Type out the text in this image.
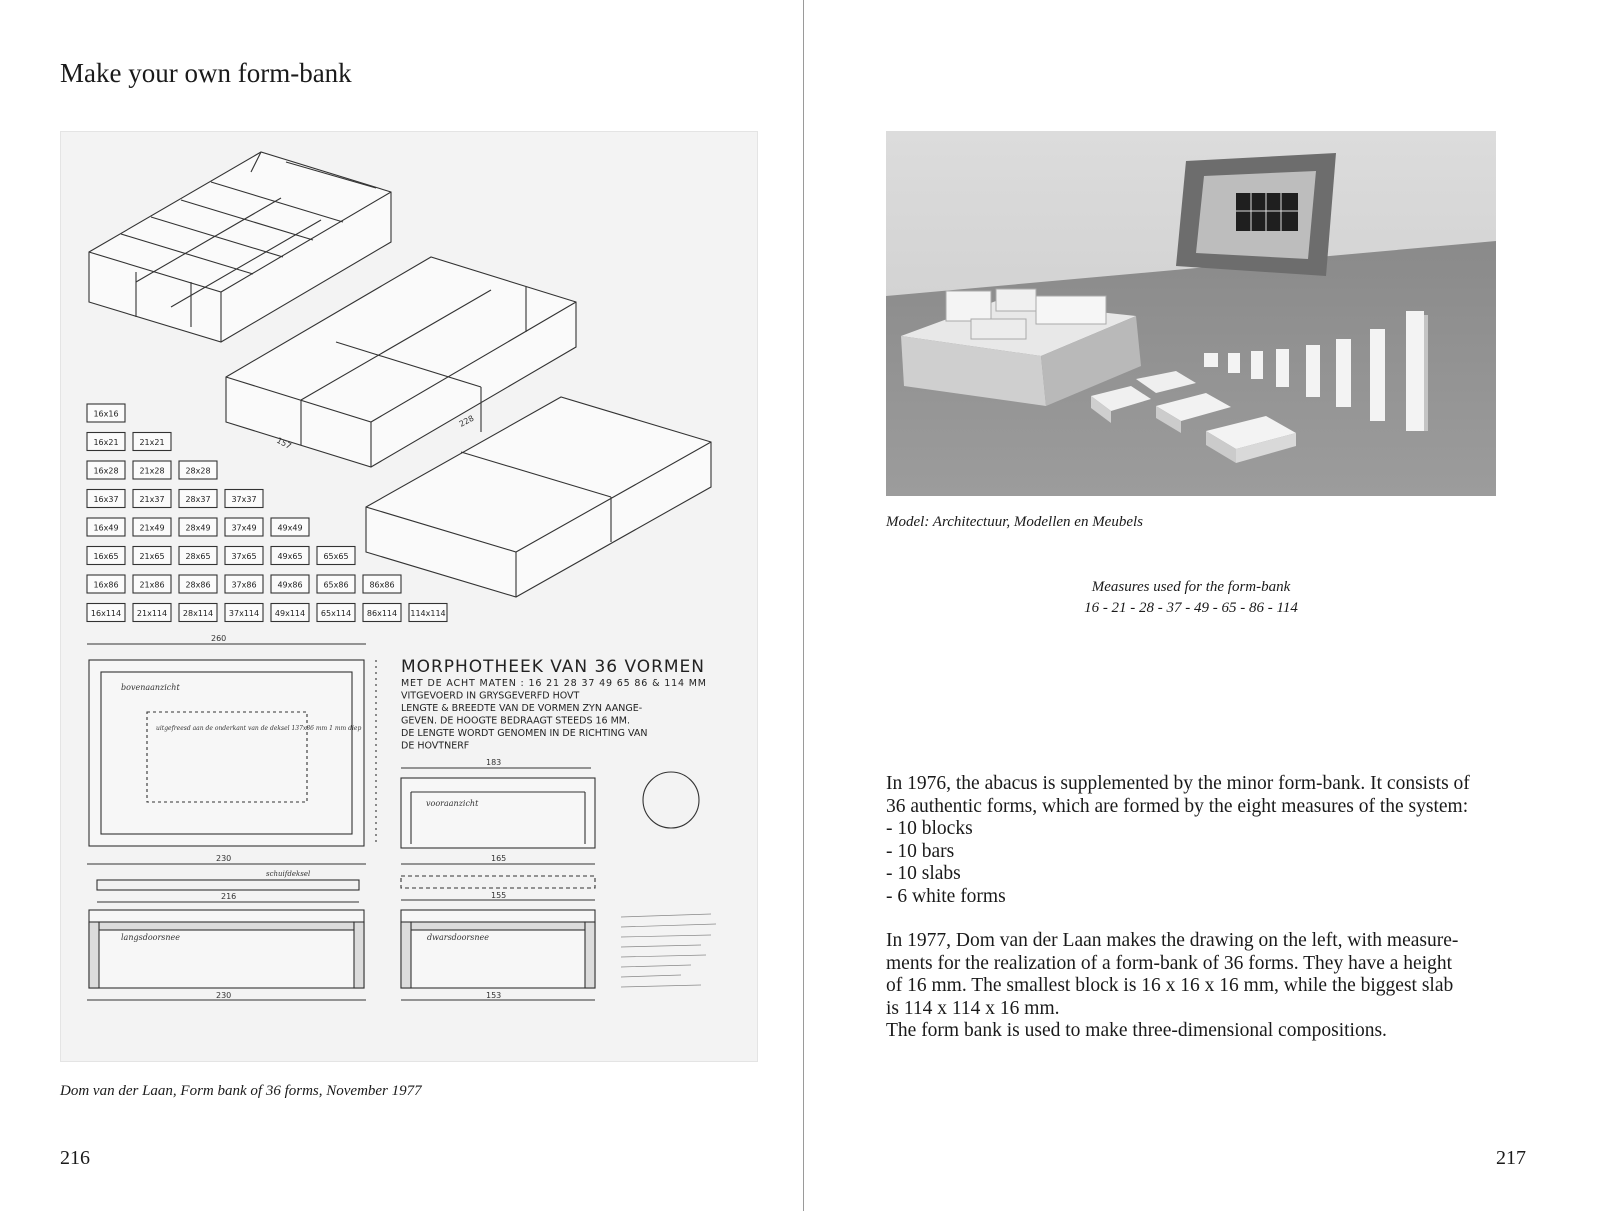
Make your own form-bank
157
228
16x16
16x21	21x21
16x28	21x28	28x28
16x37	21x37	28x37	37x37
16x49	21x49	28x49	37x49	49x49
16x65	21x65	28x65	37x65	49x65	65x65
16x86	21x86	28x86	37x86	49x86	65x86	86x86
16x114 21x114 28x114 37x114 49x114 65x114 86x114 114x114
260
bovenaanzicht
uitgefreesd aan de onderkant van de deksel 137x86 mm 1 mm diep
MORPHOTHEEK VAN 36 VORMEN
MET DE ACHT MATEN : 16 21 28 37 49 65 86 & 114 MM
VITGEVOERD IN GRYSGEVERFD HOVT
LENGTE & BREEDTE VAN DE VORMEN ZYN AANGE-
GEVEN. DE HOOGTE BEDRAAGT STEEDS 16 MM.
DE LENGTE WORDT GENOMEN IN DE RICHTING VAN
DE HOVTNERF
183
vooraanzicht
230
schuifdeksel
216
langsdoorsnee
230
165
155
dwarsdoorsnee
153
Dom van der Laan, Form bank of 36 forms, November 1977
216
Model: Architectuur, Modellen en Meubels
Measures used for the form-bank
16 - 21 - 28 - 37 - 49 - 65 - 86 - 114

In 1976, the abacus is supplemented by the minor form-bank. It consists of
36 authentic forms, which are formed by the eight measures of the system:
- 10 blocks
- 10 bars
- 10 slabs
- 6 white forms

In 1977, Dom van der Laan makes the drawing on the left, with measure-
ments for the realization of a form-bank of 36 forms. They have a height
of 16 mm. The smallest block is 16 x 16 x 16 mm, while the biggest slab
is 114 x 114 x 16 mm.
The form bank is used to make three-dimensional compositions.

217
